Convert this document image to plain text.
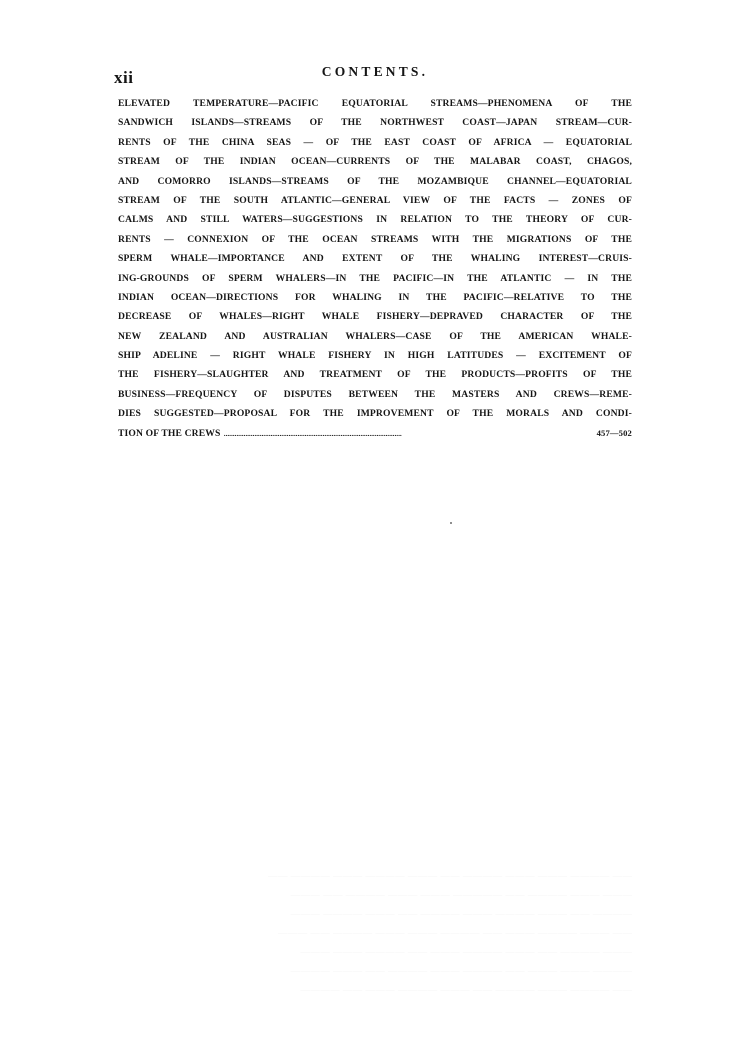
xii	CONTENTS.
ELEVATED TEMPERATURE—PACIFIC EQUATORIAL STREAMS—PHENOMENA OF THE
SANDWICH ISLANDS—STREAMS OF THE NORTHWEST COAST—JAPAN STREAM—CUR-
RENTS OF THE CHINA SEAS — OF THE EAST COAST OF AFRICA — EQUATORIAL
STREAM OF THE INDIAN OCEAN—CURRENTS OF THE MALABAR COAST, CHAGOS,
AND COMORRO ISLANDS—STREAMS OF THE MOZAMBIQUE CHANNEL—EQUATORIAL
STREAM OF THE SOUTH ATLANTIC—GENERAL VIEW OF THE FACTS — ZONES OF
CALMS AND STILL WATERS—SUGGESTIONS IN RELATION TO THE THEORY OF CUR-
RENTS — CONNEXION OF THE OCEAN STREAMS WITH THE MIGRATIONS OF THE
SPERM WHALE—IMPORTANCE AND EXTENT OF THE WHALING INTEREST—CRUIS-
ING-GROUNDS OF SPERM WHALERS—IN THE PACIFIC—IN THE ATLANTIC — IN THE
INDIAN OCEAN—DIRECTIONS FOR WHALING IN THE PACIFIC—RELATIVE TO THE
DECREASE OF WHALES—RIGHT WHALE FISHERY—DEPRAVED CHARACTER OF THE
NEW ZEALAND AND AUSTRALIAN WHALERS—CASE OF THE AMERICAN WHALE-
SHIP ADELINE — RIGHT WHALE FISHERY IN HIGH LATITUDES — EXCITEMENT OF
THE FISHERY—SLAUGHTER AND TREATMENT OF THE PRODUCTS—PROFITS OF THE
BUSINESS—FREQUENCY OF DISPUTES BETWEEN THE MASTERS AND CREWS—REME-
DIES SUGGESTED—PROPOSAL FOR THE IMPROVEMENT OF THE MORALS AND CONDI-
TION OF THE CREWS
. . .	457—502
